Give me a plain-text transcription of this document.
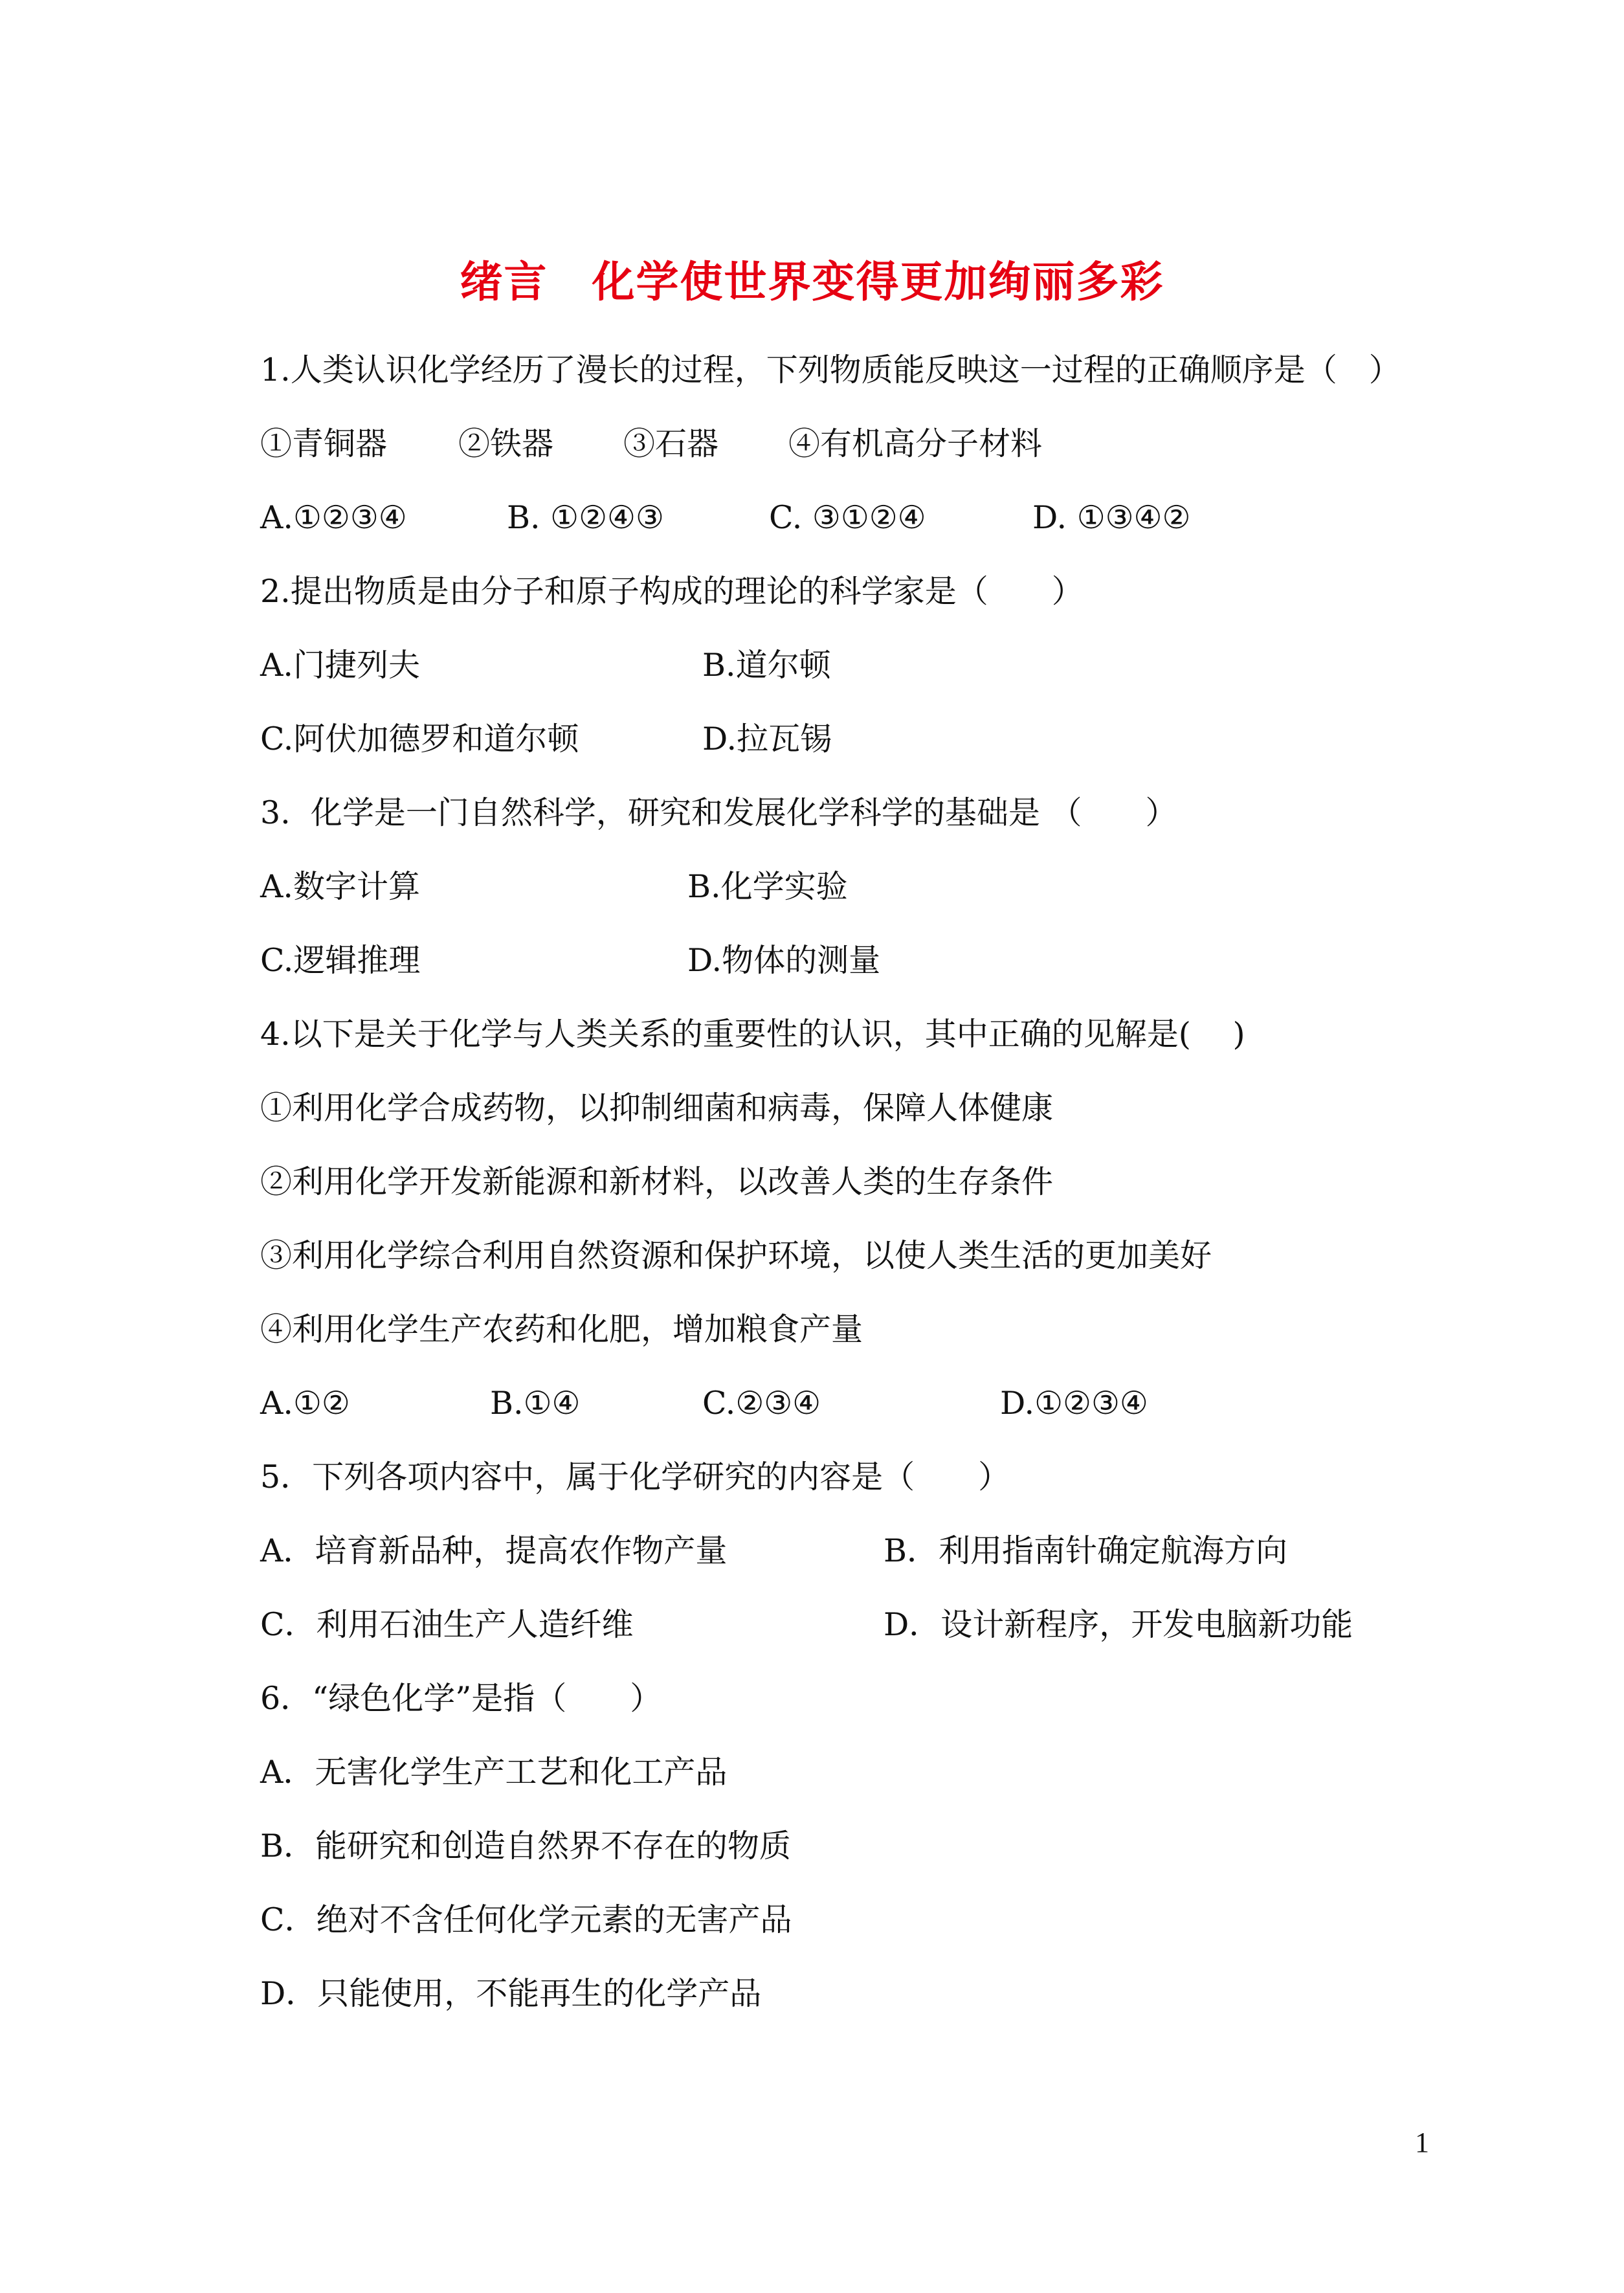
绪言　化学使世界变得更加绚丽多彩
1.人类认识化学经历了漫长的过程，下列物质能反映这一过程的正确顺序是（　）
①青铜器 ②铁器 ③石器 ④有机高分子材料
A.①②③④	B. ①②④③	C. ③①②④	D. ①③④②
2.提出物质是由分子和原子构成的理论的科学家是（　　）
A.门捷列夫	B.道尔顿
C.阿伏加德罗和道尔顿	D.拉瓦锡
3.  化学是一门自然科学，研究和发展化学科学的基础是 （　　）
A.数字计算	B.化学实验
C.逻辑推理	D.物体的测量
4.以下是关于化学与人类关系的重要性的认识，其中正确的见解是(　 )
①利用化学合成药物，以抑制细菌和病毒，保障人体健康
②利用化学开发新能源和新材料，以改善人类的生存条件
③利用化学综合利用自然资源和保护环境，以使人类生活的更加美好
④利用化学生产农药和化肥，增加粮食产量
A.①②	B.①④	C.②③④	D.①②③④
5．下列各项内容中，属于化学研究的内容是（　　）
A．培育新品种，提高农作物产量	B．利用指南针确定航海方向
C．利用石油生产人造纤维	D．设计新程序，开发电脑新功能
6．“绿色化学”是指（　　）
A．无害化学生产工艺和化工产品
B．能研究和创造自然界不存在的物质
C．绝对不含任何化学元素的无害产品
D．只能使用，不能再生的化学产品
1
